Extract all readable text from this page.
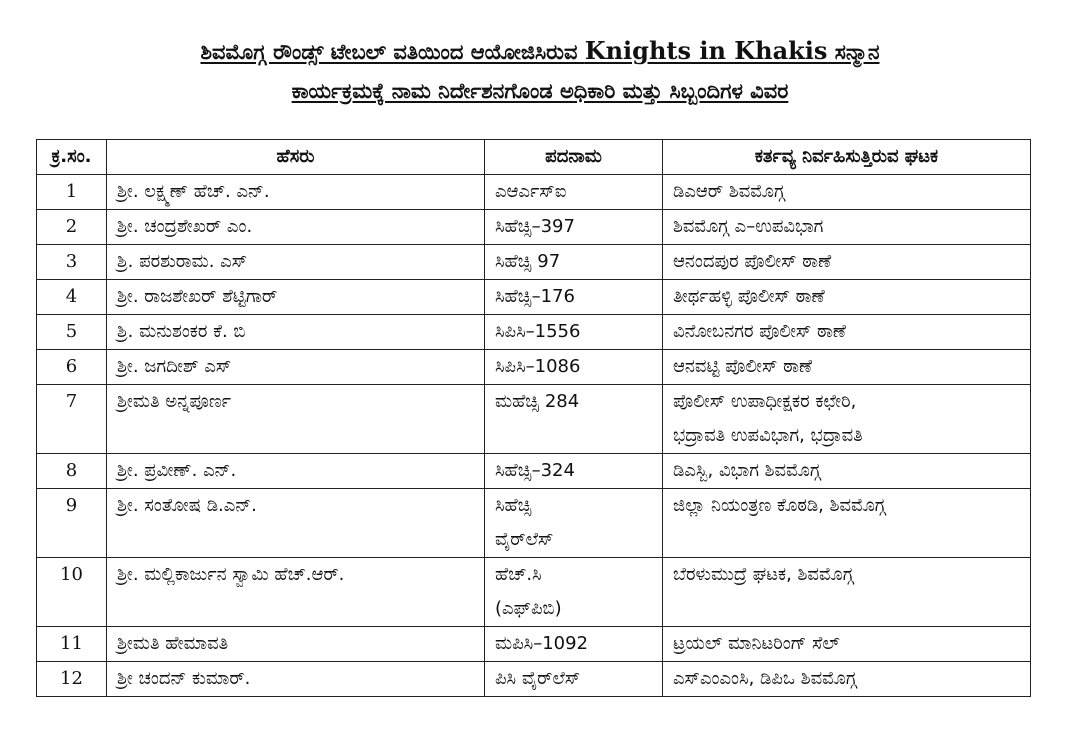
ಶಿವಮೊಗ್ಗ ರೌಂಡ್ಸ್ ಟೇಬಲ್ ವತಿಯಿಂದ ಆಯೋಜಿಸಿರುವ Knights in Khakis ಸನ್ಮಾನ
ಕಾರ್ಯಕ್ರಮಕ್ಕೆ ನಾಮ ನಿರ್ದೇಶನಗೊಂಡ ಅಧಿಕಾರಿ ಮತ್ತು ಸಿಬ್ಬಂದಿಗಳ ವಿವರ
ಕ್ರ.ಸಂ.	ಹೆಸರು	ಪದನಾಮ	ಕರ್ತವ್ಯ ನಿರ್ವಹಿಸುತ್ತಿರುವ ಘಟಕ
1	ಶ್ರೀ. ಲಕ್ಷ್ಮಣ್ ಹೆಚ್. ಎನ್.	ಎಆರ್ಎಸ್ಐ	ಡಿಎಆರ್ ಶಿವಮೊಗ್ಗ

2	ಶ್ರೀ. ಚಂದ್ರಶೇಖರ್ ಎಂ.	ಸಿಹೆಚ್ಸಿ–397	ಶಿವಮೊಗ್ಗ ಎ–ಉಪವಿಭಾಗ

3	ಶ್ರಿ. ಪರಶುರಾಮ. ಎಸ್	ಸಿಹೆಚ್ಸಿ 97	ಆನಂದಪುರ ಪೊಲೀಸ್ ಠಾಣೆ

4	ಶ್ರೀ. ರಾಜಶೇಖರ್ ಶೆಟ್ಟಿಗಾರ್	ಸಿಹೆಚ್ಸಿ–176	ತೀರ್ಥಹಳ್ಳಿ ಪೊಲೀಸ್ ಠಾಣೆ

5	ಶ್ರಿ. ಮನುಶಂಕರ ಕೆ. ಬಿ	ಸಿಪಿಸಿ–1556	ವಿನೋಬನಗರ ಪೊಲೀಸ್ ಠಾಣೆ

6	ಶ್ರೀ. ಜಗದೀಶ್ ಎಸ್	ಸಿಪಿಸಿ–1086	ಆನವಟ್ಟಿ ಪೊಲೀಸ್ ಠಾಣೆ

7	ಶ್ರೀಮತಿ ಅನ್ನಪೂರ್ಣ	ಮಹೆಚ್ಸಿ 284	ಪೊಲೀಸ್ ಉಪಾಧೀಕ್ಷಕರ ಕಛೇರಿ,
ಭದ್ರಾವತಿ ಉಪವಿಭಾಗ, ಭದ್ರಾವತಿ

8	ಶ್ರೀ. ಪ್ರವೀಣ್. ಎನ್.	ಸಿಹೆಚ್ಸಿ–324	ಡಿಎಸ್ಬಿ, ವಿಭಾಗ ಶಿವಮೊಗ್ಗ

9	ಶ್ರೀ. ಸಂತೋಷ ಡಿ.ಎನ್.	ಸಿಹೆಚ್ಸಿ
ವೈರ್‌ಲೆಸ್	ಜಿಲ್ಲಾ ನಿಯಂತ್ರಣ ಕೊಠಡಿ, ಶಿವಮೊಗ್ಗ

10	ಶ್ರೀ. ಮಲ್ಲಿಕಾರ್ಜುನ ಸ್ವಾಮಿ ಹೆಚ್.ಆರ್.	ಹೆಚ್.ಸಿ
(ಎಫ್‌ಪಿಬಿ)	ಬೆರಳುಮುದ್ರೆ ಘಟಕ, ಶಿವಮೊಗ್ಗ

11	ಶ್ರೀಮತಿ ಹೇಮಾವತಿ	ಮಪಿಸಿ–1092	ಟ್ರಯಲ್ ಮಾನಿಟರಿಂಗ್ ಸೆಲ್

12	ಶ್ರೀ ಚಂದನ್ ಕುಮಾರ್.	ಪಿಸಿ ವೈರ್‌ಲೆಸ್	ಎಸ್‌ಎಂಎಂಸಿ, ಡಿಪಿಒ ಶಿವಮೊಗ್ಗ
